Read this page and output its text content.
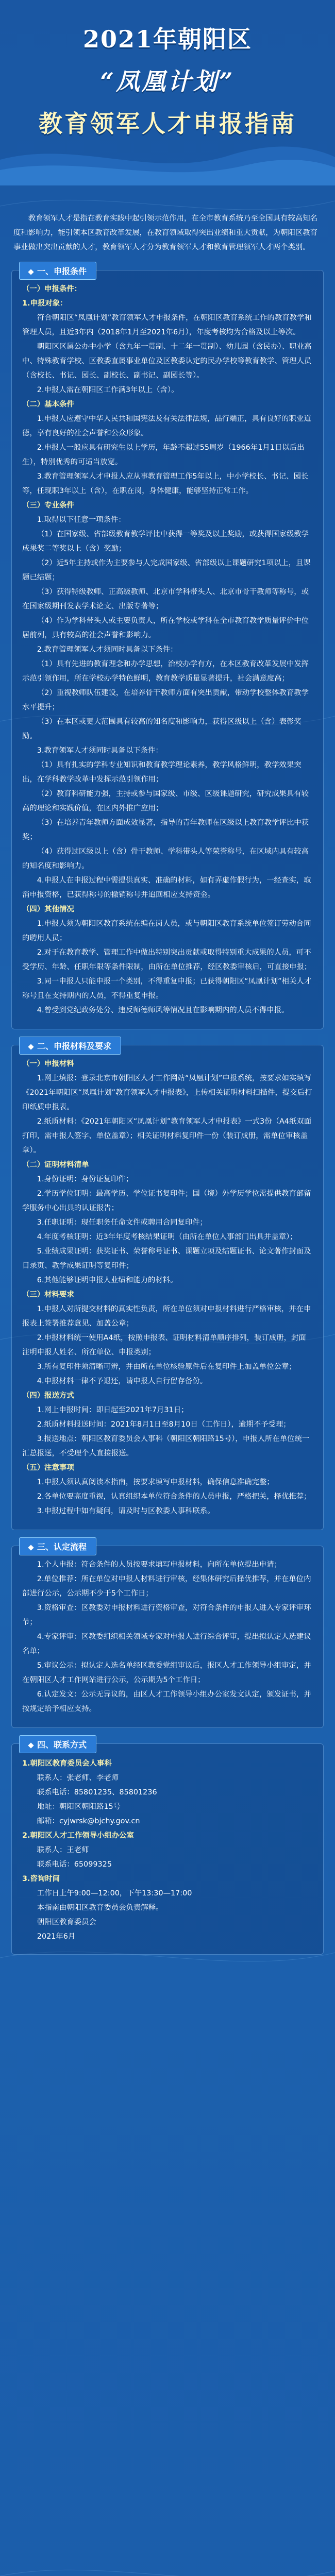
2021年朝阳区
“凤凰计划”
教育领军人才申报指南

教育领军人才是指在教育实践中起引领示范作用，在全市教育系统乃至全国具有较高知名度和影响力，能引领本区教育改革发展，在教育领域取得突出业绩和重大贡献，为朝阳区教育事业做出突出贡献的人才，教育领军人才分为教育领军人才和教育管理领军人才两个类别。

一、申报条件

（一）申报条件：

1.申报对象：

符合朝阳区“凤凰计划”教育领军人才申报条件，在朝阳区教育系统工作的教育教学和管理人员，且近3年内（2018年1月至2021年6月），年度考核均为合格及以上等次。

朝阳区区属公办中小学（含九年一贯制、十二年一贯制）、幼儿园（含民办）、职业高中、特殊教育学校、区教委直属事业单位及区教委认定的民办学校等教育教学、管理人员（含校长、书记、园长、副校长、副书记、副园长等）。

2.申报人需在朝阳区工作满3年以上（含）。

（二）基本条件

1.申报人应遵守中华人民共和国宪法及有关法律法规，品行端正，具有良好的职业道德，享有良好的社会声誉和公众形象。

2.申报人一般应具有研究生以上学历，年龄不超过55周岁（1966年1月1日以后出生），特别优秀的可适当放宽。

3.教育管理领军人才申报人应从事教育管理工作5年以上，中小学校长、书记、园长等，任现职3年以上（含），在职在岗，身体健康，能够坚持正常工作。

（三）专业条件

1.取得以下任意一项条件：

（1）在国家级、省部级教育教学评比中获得一等奖及以上奖励，或获得国家级教学成果奖二等奖以上（含）奖励；

（2）近5年主持或作为主要参与人完成国家级、省部级以上课题研究1项以上，且课题已结题；

（3）获得特级教师、正高级教师、北京市学科带头人、北京市骨干教师等称号，或在国家级期刊发表学术论文、出版专著等；

（4）作为学科带头人或主要负责人，所在学校或学科在全市教育教学质量评价中位居前列，具有较高的社会声誉和影响力。

2.教育管理领军人才须同时具备以下条件：

（1）具有先进的教育理念和办学思想，治校办学有方，在本区教育改革发展中发挥示范引领作用，所在学校办学特色鲜明，教育教学质量显著提升，社会满意度高；

（2）重视教师队伍建设，在培养骨干教师方面有突出贡献，带动学校整体教育教学水平提升；

（3）在本区或更大范围具有较高的知名度和影响力，获得区级以上（含）表彰奖励。

3.教育领军人才须同时具备以下条件：

（1）具有扎实的学科专业知识和教育教学理论素养，教学风格鲜明，教学效果突出，在学科教学改革中发挥示范引领作用；

（2）教育科研能力强，主持或参与国家级、市级、区级课题研究，研究成果具有较高的理论和实践价值，在区内外推广应用；

（3）在培养青年教师方面成效显著，指导的青年教师在区级以上教育教学评比中获奖；

（4）获得过区级以上（含）骨干教师、学科带头人等荣誉称号，在区域内具有较高的知名度和影响力。

4.申报人在申报过程中需提供真实、准确的材料，如有弄虚作假行为，一经查实，取消申报资格，已获得称号的撤销称号并追回相应支持资金。

（四）其他情况

1.申报人须为朝阳区教育系统在编在岗人员，或与朝阳区教育系统单位签订劳动合同的聘用人员；

2.对于在教育教学、管理工作中做出特别突出贡献或取得特别重大成果的人员，可不受学历、年龄、任职年限等条件限制，由所在单位推荐，经区教委审核后，可直接申报；

3.同一申报人只能申报一个类别，不得重复申报；已获得朝阳区“凤凰计划”相关人才称号且在支持期内的人员，不得重复申报。

4.曾受到党纪政务处分、违反师德师风等情况且在影响期内的人员不得申报。

二、申报材料及要求

（一）申报材料

1.网上填报：登录北京市朝阳区人才工作网站“凤凰计划”申报系统，按要求如实填写《2021年朝阳区“凤凰计划”教育领军人才申报表》，上传相关证明材料扫描件，提交后打印纸质申报表。

2.纸质材料：《2021年朝阳区“凤凰计划”教育领军人才申报表》一式3份（A4纸双面打印，需申报人签字、单位盖章）；相关证明材料复印件一份（装订成册，需单位审核盖章）。

（二）证明材料清单

1.身份证明：身份证复印件；

2.学历学位证明：最高学历、学位证书复印件；国（境）外学历学位需提供教育部留学服务中心出具的认证报告；

3.任职证明：现任职务任命文件或聘用合同复印件；

4.年度考核证明：近3年年度考核结果证明（由所在单位人事部门出具并盖章）；

5.业绩成果证明：获奖证书、荣誉称号证书、课题立项及结题证书、论文著作封面及目录页、教学成果证明等复印件；

6.其他能够证明申报人业绩和能力的材料。

（三）材料要求

1.申报人对所提交材料的真实性负责，所在单位须对申报材料进行严格审核，并在申报表上签署推荐意见、加盖公章；

2.申报材料统一使用A4纸，按照申报表、证明材料清单顺序排列，装订成册，封面注明申报人姓名、所在单位、申报类别；

3.所有复印件须清晰可辨，并由所在单位核验原件后在复印件上加盖单位公章；

4.申报材料一律不予退还，请申报人自行留存备份。

（四）报送方式

1.网上申报时间：即日起至2021年7月31日；

2.纸质材料报送时间：2021年8月1日至8月10日（工作日），逾期不予受理；

3.报送地点：朝阳区教育委员会人事科（朝阳区朝阳路15号），申报人所在单位统一汇总报送，不受理个人直接报送。

（五）注意事项

1.申报人须认真阅读本指南，按要求填写申报材料，确保信息准确完整；

2.各单位要高度重视，认真组织本单位符合条件的人员申报，严格把关，择优推荐；

3.申报过程中如有疑问，请及时与区教委人事科联系。

三、认定流程

1.个人申报：符合条件的人员按要求填写申报材料，向所在单位提出申请；

2.单位推荐：所在单位对申报人材料进行审核，经集体研究后择优推荐，并在单位内部进行公示，公示期不少于5个工作日；

3.资格审查：区教委对申报材料进行资格审查，对符合条件的申报人进入专家评审环节；

4.专家评审：区教委组织相关领域专家对申报人进行综合评审，提出拟认定人选建议名单；

5.审议公示：拟认定人选名单经区教委党组审议后，报区人才工作领导小组审定，并在朝阳区人才工作网站进行公示，公示期为5个工作日；

6.认定发文：公示无异议的，由区人才工作领导小组办公室发文认定，颁发证书，并按规定给予相应支持。

四、联系方式

1.朝阳区教育委员会人事科

联系人：张老师、李老师

联系电话：85801235、85801236

地址：朝阳区朝阳路15号

邮箱：cyjwrsk@bjchy.gov.cn

2.朝阳区人才工作领导小组办公室

联系人：王老师

联系电话：65099325

3.咨询时间

工作日上午9:00—12:00，下午13:30—17:00

本指南由朝阳区教育委员会负责解释。

朝阳区教育委员会

2021年6月
